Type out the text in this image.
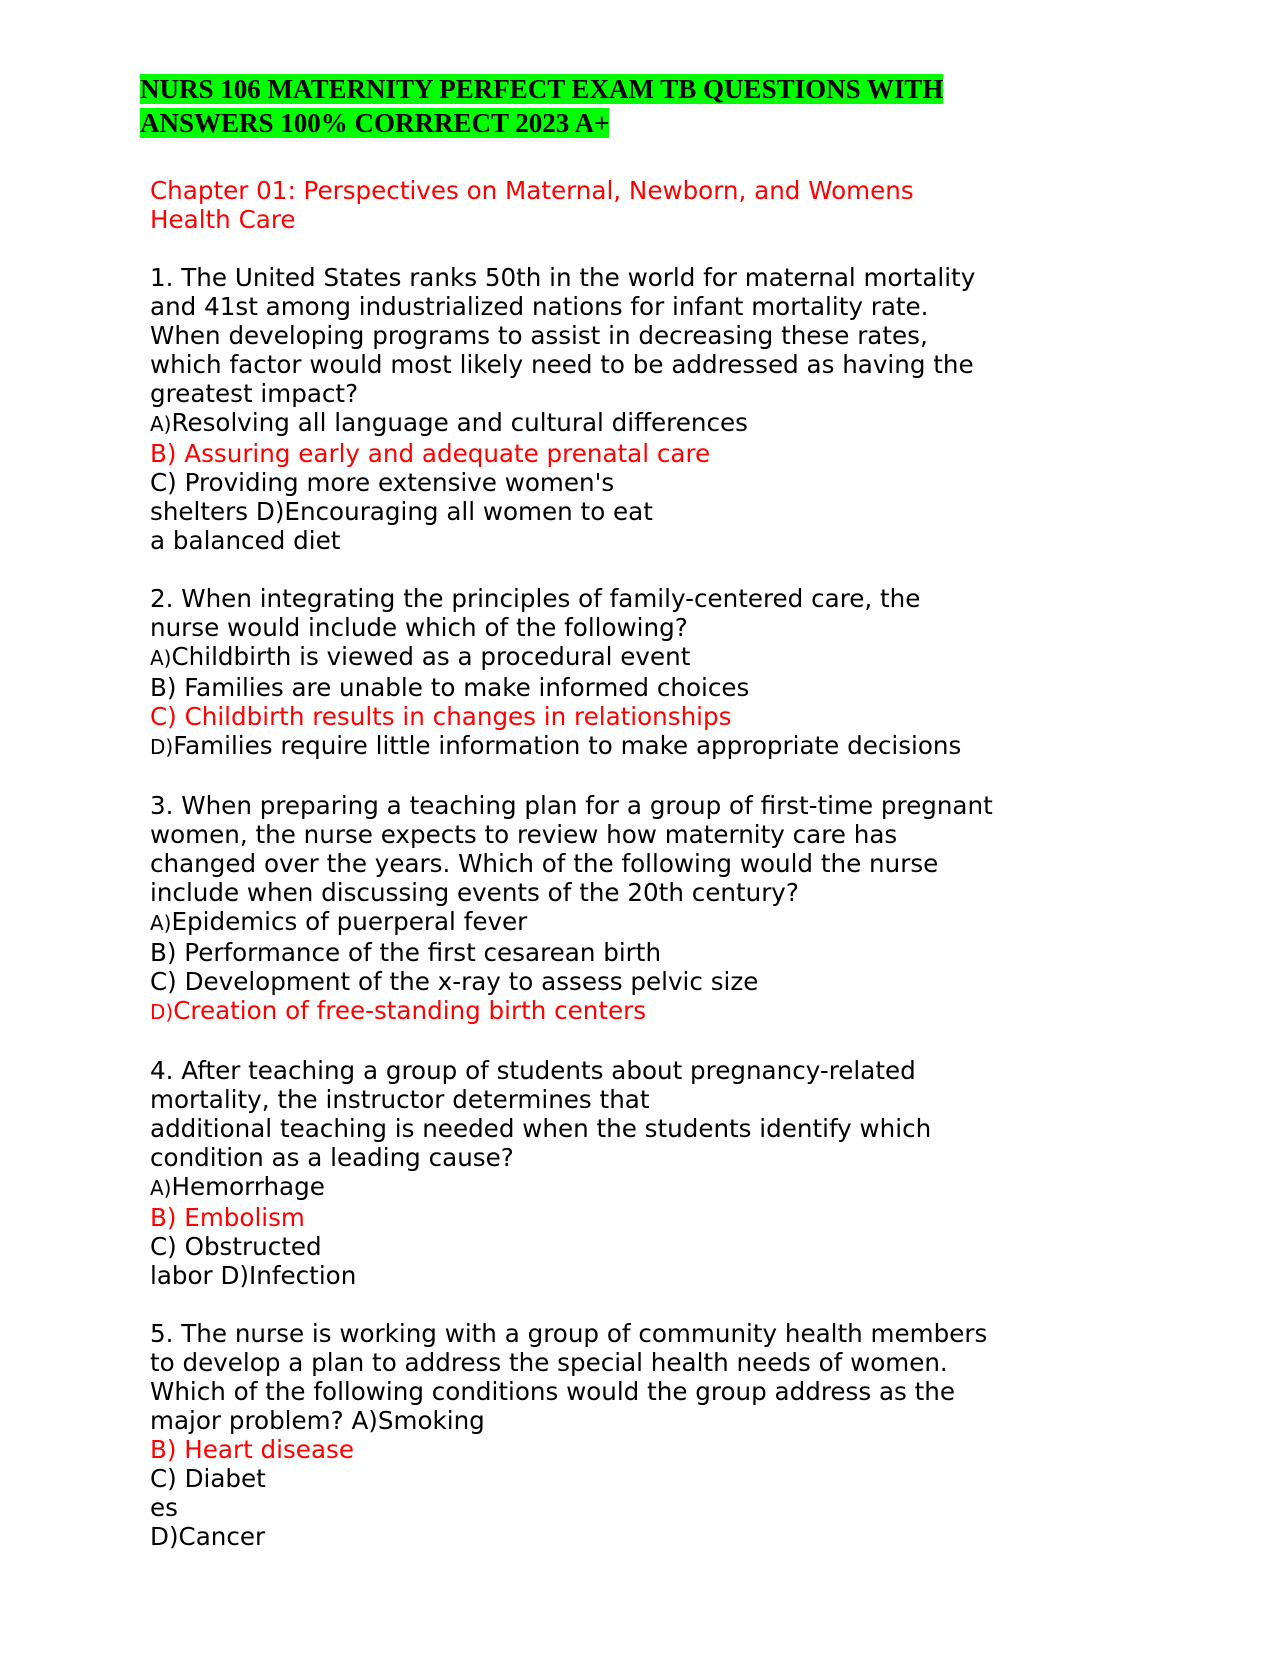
NURS 106 MATERNITY PERFECT EXAM TB QUESTIONS WITH
ANSWERS 100% CORRRECT 2023 A+
Chapter 01: Perspectives on Maternal, Newborn, and Womens
Health Care
1. The United States ranks 50th in the world for maternal mortality
and 41st among industrialized nations for infant mortality rate.
When developing programs to assist in decreasing these rates,
which factor would most likely need to be addressed as having the
greatest impact?
A)Resolving all language and cultural differences
B) Assuring early and adequate prenatal care
C) Providing more extensive women's
shelters D)Encouraging all women to eat
a balanced diet
2. When integrating the principles of family-centered care, the
nurse would include which of the following?
A)Childbirth is viewed as a procedural event
B) Families are unable to make informed choices
C) Childbirth results in changes in relationships
D)Families require little information to make appropriate decisions
3. When preparing a teaching plan for a group of first-time pregnant
women, the nurse expects to review how maternity care has
changed over the years. Which of the following would the nurse
include when discussing events of the 20th century?
A)Epidemics of puerperal fever
B) Performance of the first cesarean birth
C) Development of the x-ray to assess pelvic size
D)Creation of free-standing birth centers
4. After teaching a group of students about pregnancy-related
mortality, the instructor determines that
additional teaching is needed when the students identify which
condition as a leading cause?
A)Hemorrhage
B) Embolism
C) Obstructed
labor D)Infection
5. The nurse is working with a group of community health members
to develop a plan to address the special health needs of women.
Which of the following conditions would the group address as the
major problem? A)Smoking
B) Heart disease
C) Diabet
es
D)Cancer
